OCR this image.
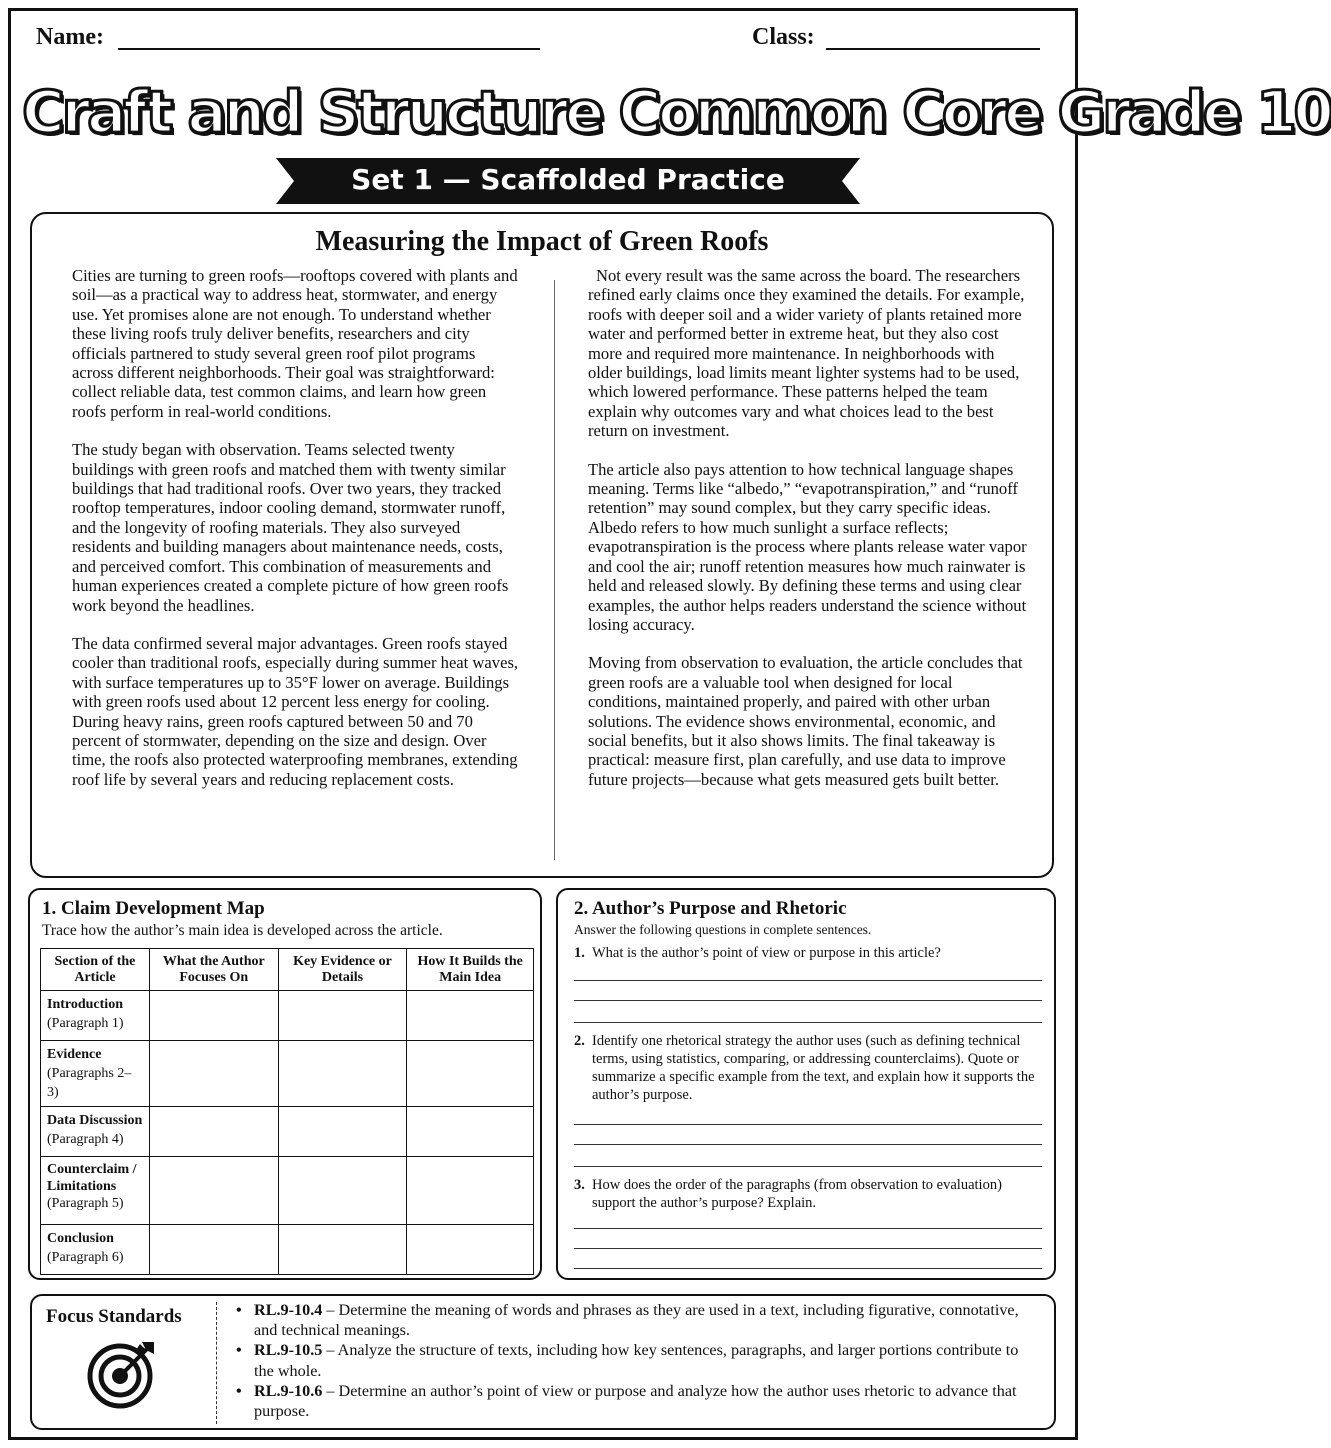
Name:	Class:
Craft and Structure Common Core Grade 10
Set 1 — Scaffolded Practice
Measuring the Impact of Green Roofs

Cities are turning to green roofs—rooftops covered with plants and soil—as a practical way to address heat, stormwater, and energy use. Yet promises alone are not enough. To understand whether these living roofs truly deliver benefits, researchers and city officials partnered to study several green roof pilot programs across different neighborhoods. Their goal was straightforward: collect reliable data, test common claims, and learn how green roofs perform in real-world conditions.

The study began with observation. Teams selected twenty buildings with green roofs and matched them with twenty similar buildings that had traditional roofs. Over two years, they tracked rooftop temperatures, indoor cooling demand, stormwater runoff, and the longevity of roofing materials. They also surveyed residents and building managers about maintenance needs, costs, and perceived comfort. This combination of measurements and human experiences created a complete picture of how green roofs work beyond the headlines.

The data confirmed several major advantages. Green roofs stayed cooler than traditional roofs, especially during summer heat waves, with surface temperatures up to 35°F lower on average. Buildings with green roofs used about 12 percent less energy for cooling. During heavy rains, green roofs captured between 50 and 70 percent of stormwater, depending on the size and design. Over time, the roofs also protected waterproofing membranes, extending roof life by several years and reducing replacement costs.

Not every result was the same across the board. The researchers refined early claims once they examined the details. For example, roofs with deeper soil and a wider variety of plants retained more water and performed better in extreme heat, but they also cost more and required more maintenance. In neighborhoods with older buildings, load limits meant lighter systems had to be used, which lowered performance. These patterns helped the team explain why outcomes vary and what choices lead to the best return on investment.

The article also pays attention to how technical language shapes meaning. Terms like “albedo,” “evapotranspiration,” and “runoff retention” may sound complex, but they carry specific ideas. Albedo refers to how much sunlight a surface reflects; evapotranspiration is the process where plants release water vapor and cool the air; runoff retention measures how much rainwater is held and released slowly. By defining these terms and using clear examples, the author helps readers understand the science without losing accuracy.

Moving from observation to evaluation, the article concludes that green roofs are a valuable tool when designed for local conditions, maintained properly, and paired with other urban solutions. The evidence shows environmental, economic, and social benefits, but it also shows limits. The final takeaway is practical: measure first, plan carefully, and use data to improve future projects—because what gets measured gets built better.

1. Claim Development Map
Trace how the author’s main idea is developed across the article.
Section of the Article	What the Author Focuses On	Key Evidence or Details	How It Builds the Main Idea

Introduction
(Paragraph 1)			

Evidence
(Paragraphs 2–3)			

Data Discussion
(Paragraph 4)			

Counterclaim / Limitations
(Paragraph 5)			

Conclusion
(Paragraph 6)			

2. Author’s Purpose and Rhetoric
Answer the following questions in complete sentences.
1. What is the author’s point of view or purpose in this article?
2. Identify one rhetorical strategy the author uses (such as defining technical terms, using statistics, comparing, or addressing counterclaims). Quote or summarize a specific example from the text, and explain how it supports the author’s purpose.
3. How does the order of the paragraphs (from observation to evaluation) support the author’s purpose? Explain.
Focus Standards	• RL.9-10.4 – Determine the meaning of words and phrases as they are used in a text, including figurative, connotative, and technical meanings.
• RL.9-10.5 – Analyze the structure of texts, including how key sentences, paragraphs, and larger portions contribute to the whole.
• RL.9-10.6 – Determine an author’s point of view or purpose and analyze how the author uses rhetoric to advance that purpose.
